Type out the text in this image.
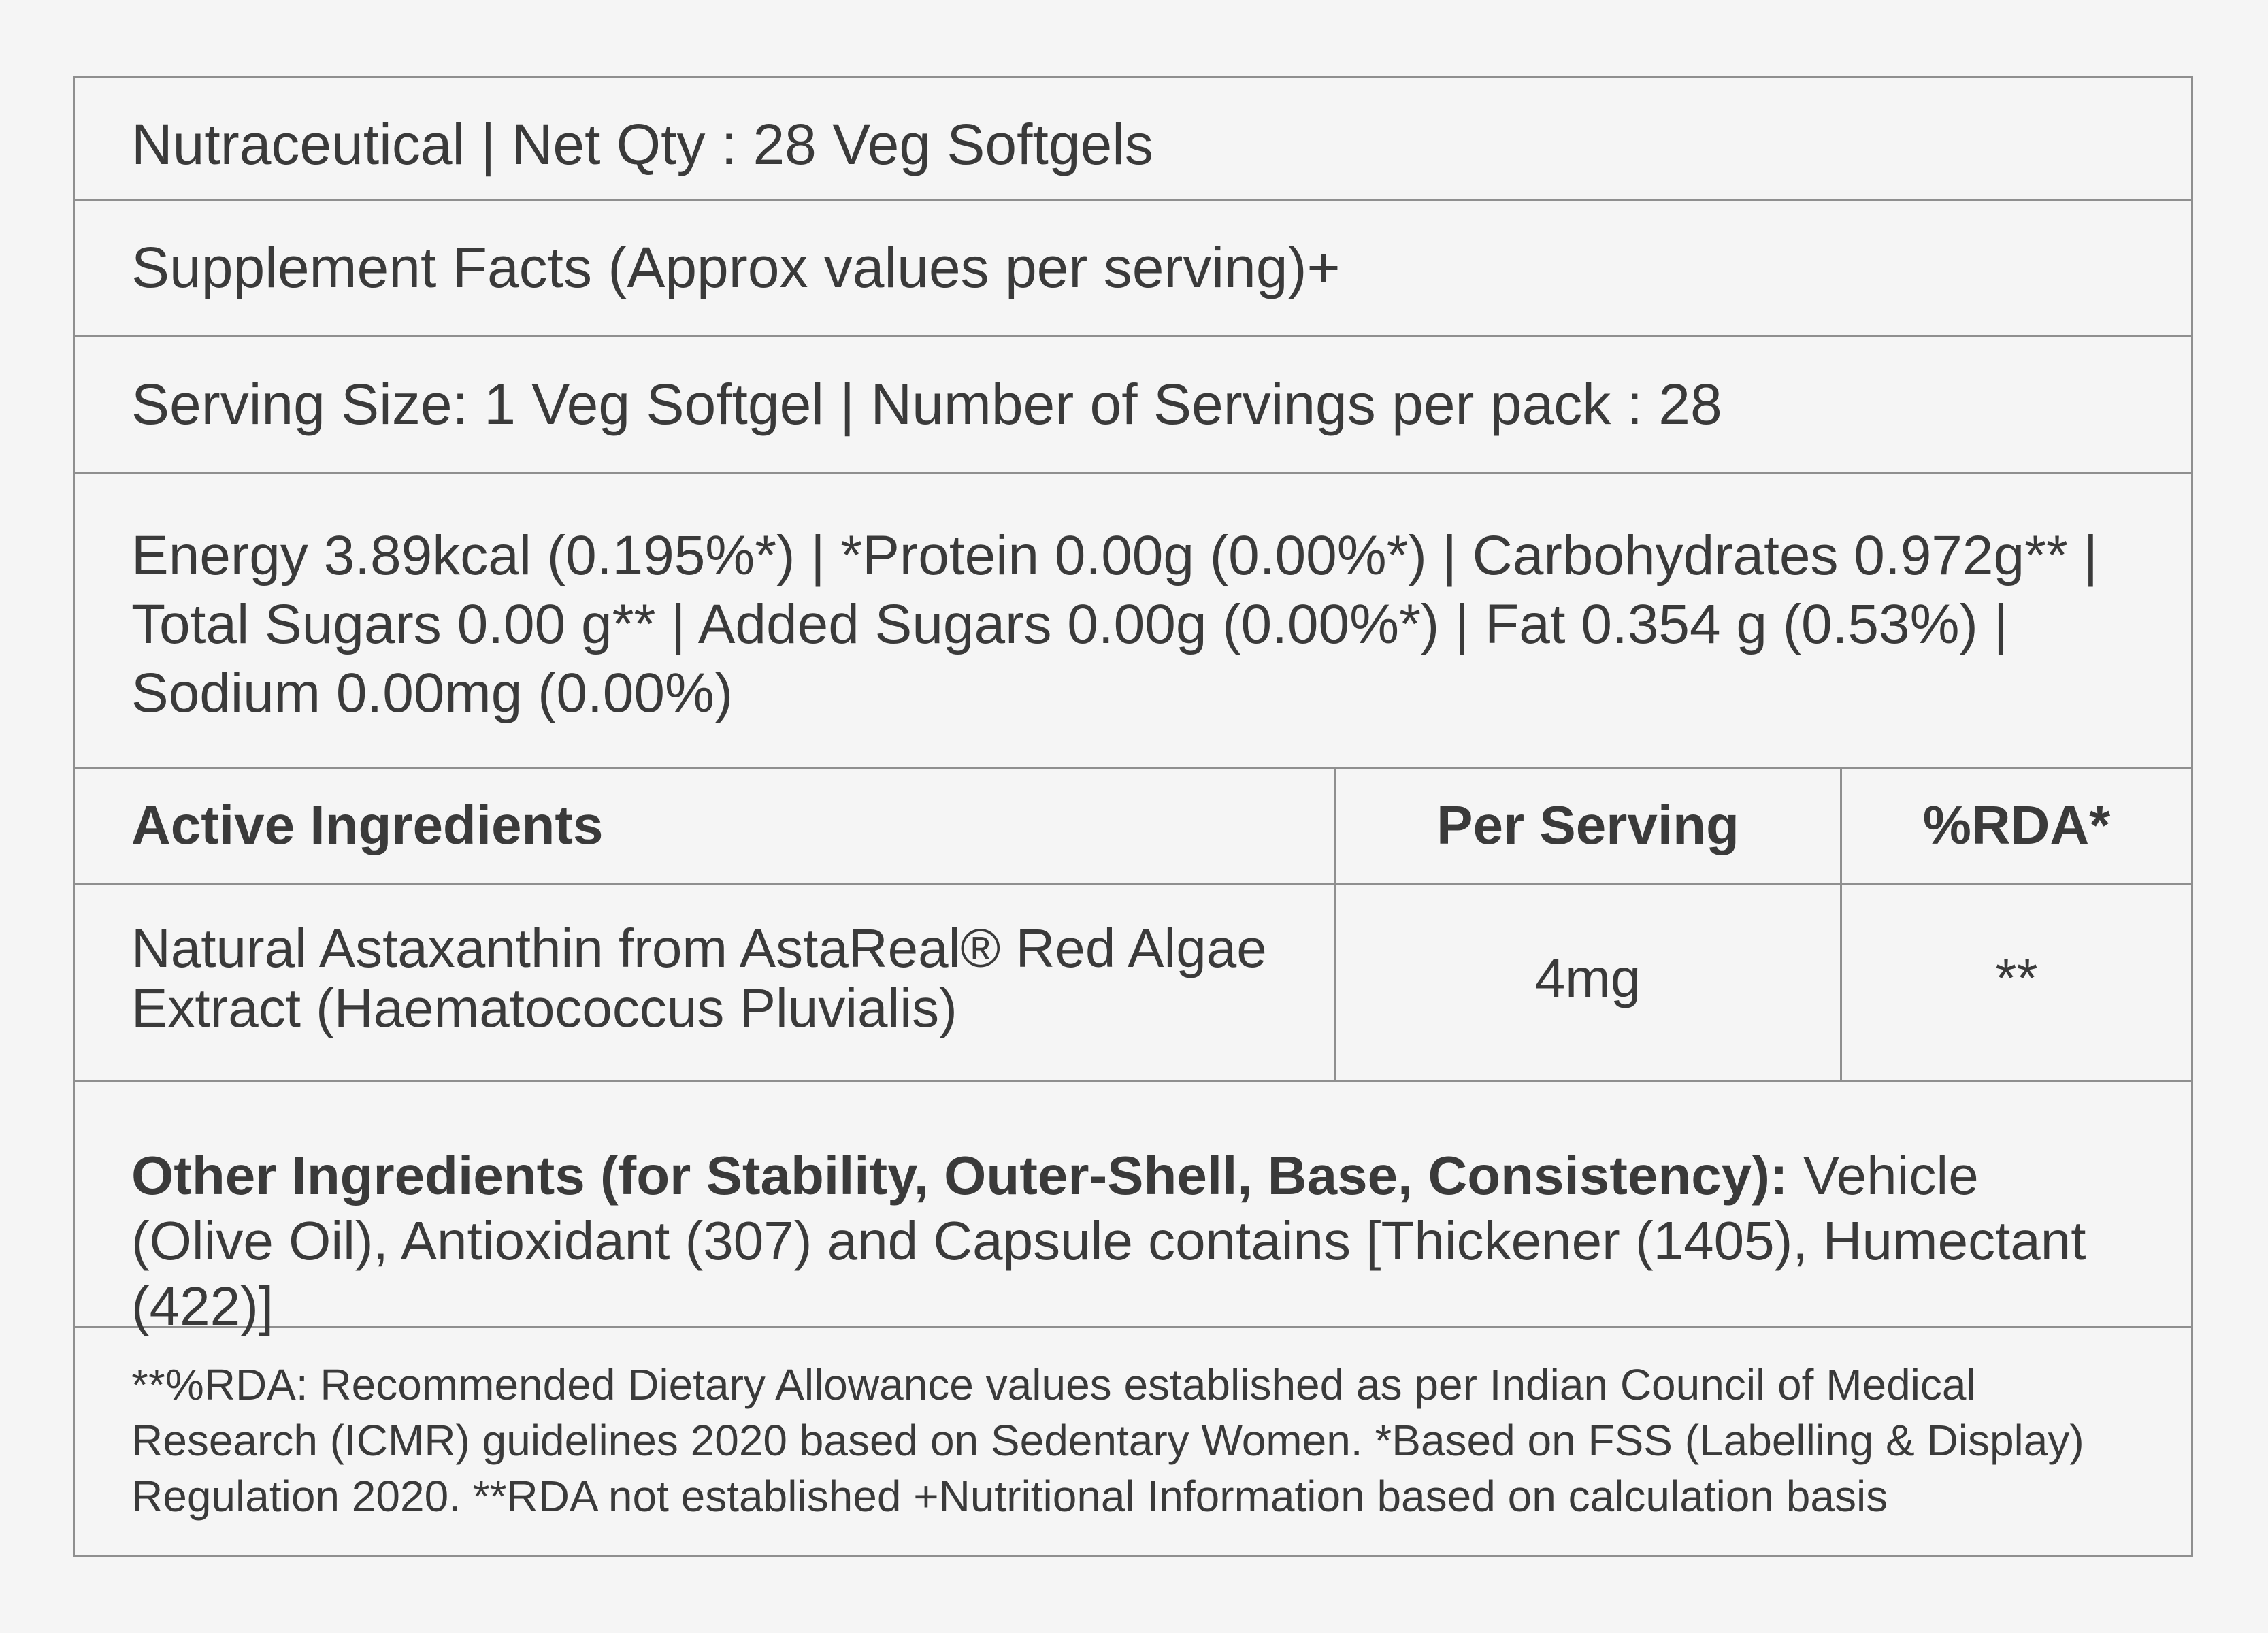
Nutraceutical | Net Qty : 28 Veg Softgels
Supplement Facts (Approx values per serving)+
Serving Size: 1 Veg Softgel | Number of Servings per pack : 28
Energy 3.89kcal (0.195%*) | *Protein 0.00g (0.00%*) | Carbohydrates 0.972g** | Total Sugars 0.00 g** | Added Sugars 0.00g (0.00%*) | Fat 0.354 g (0.53%) | Sodium 0.00mg (0.00%)
Active Ingredients	Per Serving	%RDA*
Natural Astaxanthin from AstaReal® Red Algae Extract (Haematococcus Pluvialis)	4mg	**
Other Ingredients (for Stability, Outer-Shell, Base, Consistency): Vehicle (Olive Oil), Antioxidant (307) and Capsule contains [Thickener (1405), Humectant (422)]
**%RDA: Recommended Dietary Allowance values established as per Indian Council of Medical Research (ICMR) guidelines 2020 based on Sedentary Women. *Based on FSS (Labelling & Display) Regulation 2020. **RDA not established +Nutritional Information based on calculation basis
